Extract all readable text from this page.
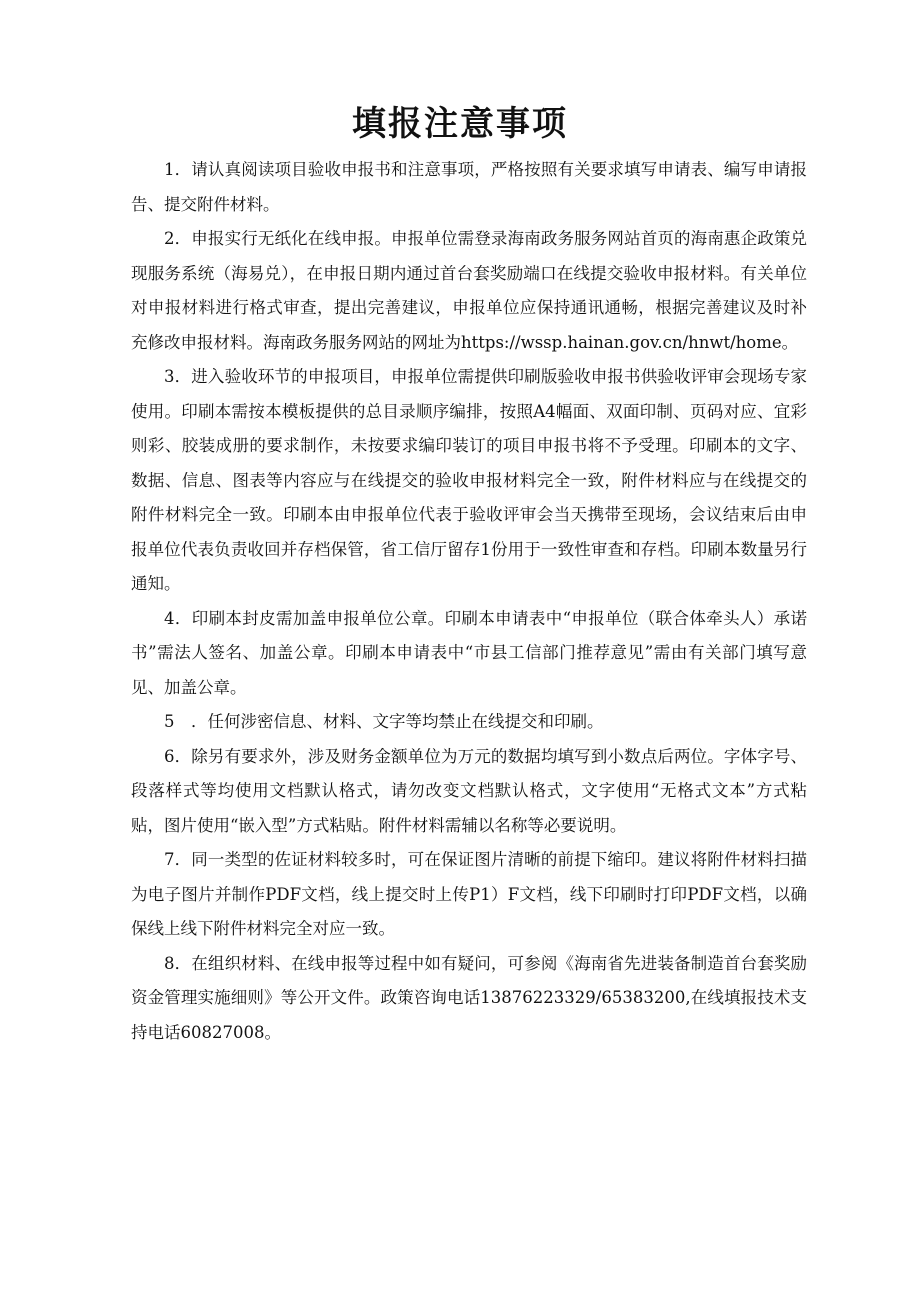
填报注意事项

1．请认真阅读项目验收申报书和注意事项，严格按照有关要求填写申请表、编写申请报告、提交附件材料。

2．申报实行无纸化在线申报。申报单位需登录海南政务服务网站首页的海南惠企政策兑现服务系统（海易兑），在申报日期内通过首台套奖励端口在线提交验收申报材料。有关单位对申报材料进行格式审查，提出完善建议，申报单位应保持通讯通畅，根据完善建议及时补充修改申报材料。海南政务服务网站的网址为https://wssp.hainan.gov.cn/hnwt/home。

3．进入验收环节的申报项目，申报单位需提供印刷版验收申报书供验收评审会现场专家使用。印刷本需按本模板提供的总目录顺序编排，按照A4幅面、双面印制、页码对应、宜彩则彩、胶装成册的要求制作，未按要求编印装订的项目申报书将不予受理。印刷本的文字、数据、信息、图表等内容应与在线提交的验收申报材料完全一致，附件材料应与在线提交的附件材料完全一致。印刷本由申报单位代表于验收评审会当天携带至现场，会议结束后由申报单位代表负责收回并存档保管，省工信厅留存1份用于一致性审查和存档。印刷本数量另行通知。

4．印刷本封皮需加盖申报单位公章。印刷本申请表中“申报单位（联合体牵头人）承诺书”需法人签名、加盖公章。印刷本申请表中“市县工信部门推荐意见”需由有关部门填写意见、加盖公章。

5　．任何涉密信息、材料、文字等均禁止在线提交和印刷。

6．除另有要求外，涉及财务金额单位为万元的数据均填写到小数点后两位。字体字号、段落样式等均使用文档默认格式，请勿改变文档默认格式，文字使用“无格式文本”方式粘贴，图片使用“嵌入型”方式粘贴。附件材料需辅以名称等必要说明。

7．同一类型的佐证材料较多时，可在保证图片清晰的前提下缩印。建议将附件材料扫描为电子图片并制作PDF文档，线上提交时上传P1）F文档，线下印刷时打印PDF文档，以确保线上线下附件材料完全对应一致。

8．在组织材料、在线申报等过程中如有疑问，可参阅《海南省先进装备制造首台套奖励资金管理实施细则》等公开文件。政策咨询电话13876223329/65383200,在线填报技术支持电话60827008。
